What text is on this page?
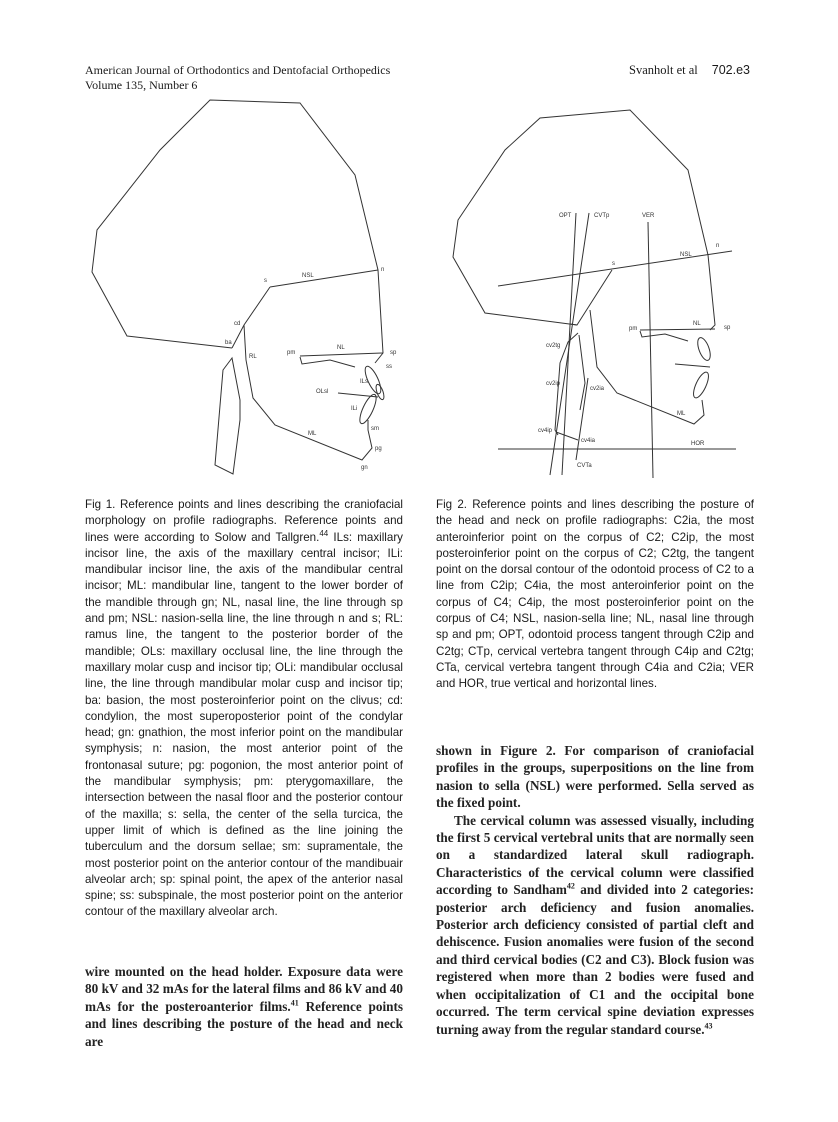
American Journal of Orthodontics and Dentofacial Orthopedics
Volume 135, Number 6
Svanholt et al 702.e3
NSL
n
s
cd
ba
RL
pm
NL
sp
ss
ILs
OLsl
ILi
sm
ML
pg
gn
OPT	CVTp	VER
NSL
n
s
pm
NL
sp
cv2tg
cv2ip
cv2ia
cv4ip
cv4ia
CVTa
ML
HOR
Fig 1. Reference points and lines describing the craniofacial morphology on profile radiographs. Reference points and lines were according to Solow and Tallgren.$^{44}$ ILs: maxillary incisor line, the axis of the maxillary central incisor; ILi: mandibular incisor line, the axis of the mandibular central incisor; ML: mandibular line, tangent to the lower border of the mandible through gn; NL, nasal line, the line through sp and pm; NSL: nasion-sella line, the line through n and s; RL: ramus line, the tangent to the posterior border of the mandible; OLs: maxillary occlusal line, the line through the maxillary molar cusp and incisor tip; OLi: mandibular occlusal line, the line through mandibular molar cusp and incisor tip; ba: basion, the most posteroinferior point on the clivus; cd: condylion, the most superoposterior point of the condylar head; gn: gnathion, the most inferior point on the mandibular symphysis; n: nasion, the most anterior point of the frontonasal suture; pg: pogonion, the most anterior point of the mandibular symphysis; pm: pterygomaxillare, the intersection between the nasal floor and the posterior contour of the maxilla; s: sella, the center of the sella turcica, the upper limit of which is defined as the line joining the tuberculum and the dorsum sellae; sm: supramentale, the most posterior point on the anterior contour of the mandibuair alveolar arch; sp: spinal point, the apex of the anterior nasal spine; ss: subspinale, the most posterior point on the anterior contour of the maxillary alveolar arch.
Fig 2. Reference points and lines describing the posture of the head and neck on profile radiographs: C2ia, the most anteroinferior point on the corpus of C2; C2ip, the most posteroinferior point on the corpus of C2; C2tg, the tangent point on the dorsal contour of the odontoid process of C2 to a line from C2ip; C4ia, the most anteroinferior point on the corpus of C4; C4ip, the most posteroinferior point on the corpus of C4; NSL, nasion-sella line; NL, nasal line through sp and pm; OPT, odontoid process tangent through C2ip and C2tg; CTp, cervical vertebra tangent through C4ip and C2tg; CTa, cervical vertebra tangent through C4ia and C2ia; VER and HOR, true vertical and horizontal lines.

wire mounted on the head holder. Exposure data were 80 kV and 32 mAs for the lateral films and 86 kV and 40 mAs for the posteroanterior films.$^{41}$ Reference points and lines describing the posture of the head and neck are

shown in Figure 2. For comparison of craniofacial profiles in the groups, superpositions on the line from nasion to sella (NSL) were performed. Sella served as the fixed point.

The cervical column was assessed visually, including the first 5 cervical vertebral units that are normally seen on a standardized lateral skull radiograph. Characteristics of the cervical column were classified according to Sandham$^{42}$ and divided into 2 categories: posterior arch deficiency and fusion anomalies. Posterior arch deficiency consisted of partial cleft and dehiscence. Fusion anomalies were fusion of the second and third cervical bodies (C2 and C3). Block fusion was registered when more than 2 bodies were fused and when occipitalization of C1 and the occipital bone occurred. The term cervical spine deviation expresses turning away from the regular standard course.$^{43}$
